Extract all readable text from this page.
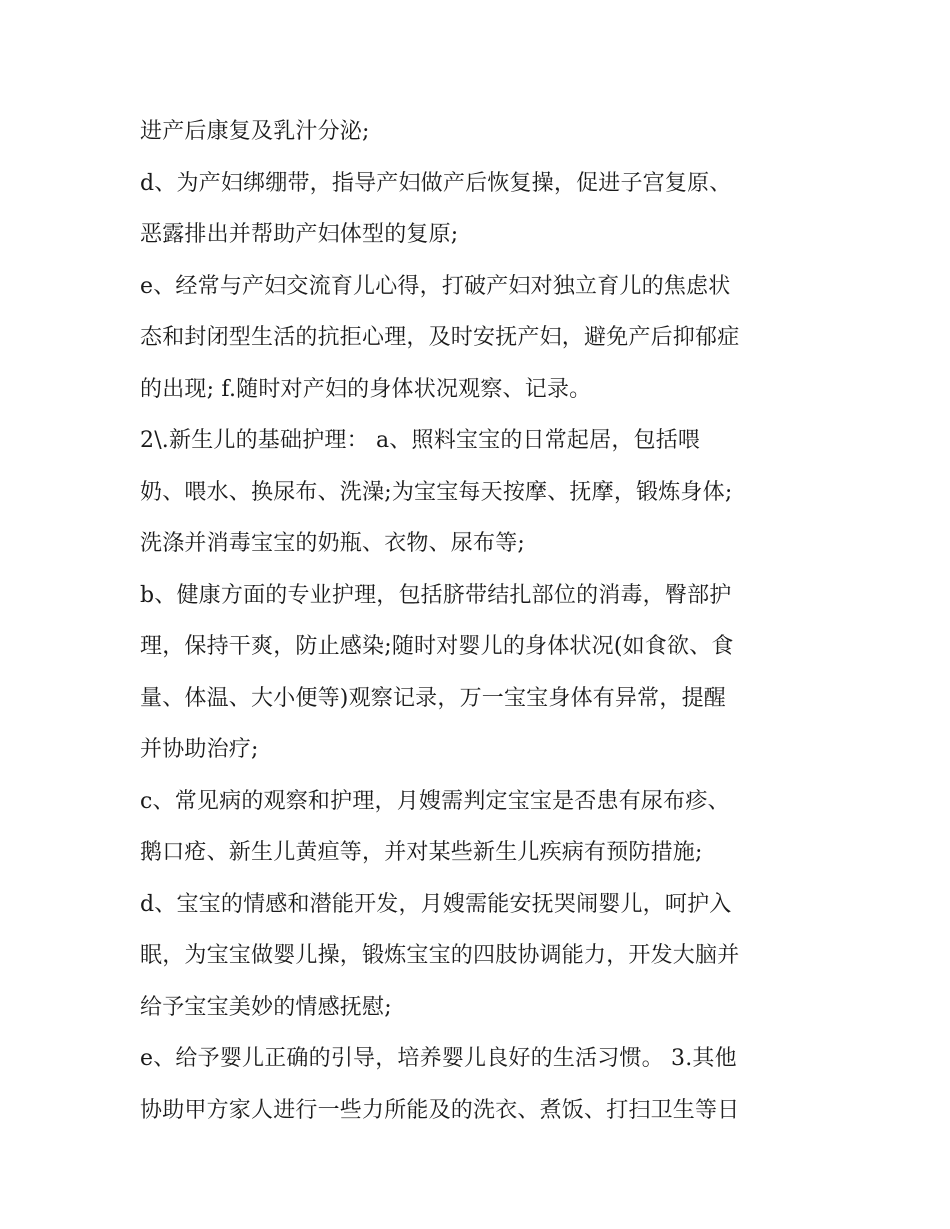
进产后康复及乳汁分泌;
d、为产妇绑绷带，指导产妇做产后恢复操，促进子宫复原、
恶露排出并帮助产妇体型的复原;
e、经常与产妇交流育儿心得，打破产妇对独立育儿的焦虑状
态和封闭型生活的抗拒心理，及时安抚产妇，避免产后抑郁症
的出现; f.随时对产妇的身体状况观察、记录。
2\.新生儿的基础护理： a、照料宝宝的日常起居，包括喂
奶、喂水、换尿布、洗澡;为宝宝每天按摩、抚摩，锻炼身体;
洗涤并消毒宝宝的奶瓶、衣物、尿布等;
b、健康方面的专业护理，包括脐带结扎部位的消毒，臀部护
理，保持干爽，防止感染;随时对婴儿的身体状况(如食欲、食
量、体温、大小便等)观察记录，万一宝宝身体有异常，提醒
并协助治疗;
c、常见病的观察和护理，月嫂需判定宝宝是否患有尿布疹、
鹅口疮、新生儿黄疸等，并对某些新生儿疾病有预防措施;
d、宝宝的情感和潜能开发，月嫂需能安抚哭闹婴儿，呵护入
眠，为宝宝做婴儿操，锻炼宝宝的四肢协调能力，开发大脑并
给予宝宝美妙的情感抚慰;
e、给予婴儿正确的引导，培养婴儿良好的生活习惯。 3.其他
协助甲方家人进行一些力所能及的洗衣、煮饭、打扫卫生等日
